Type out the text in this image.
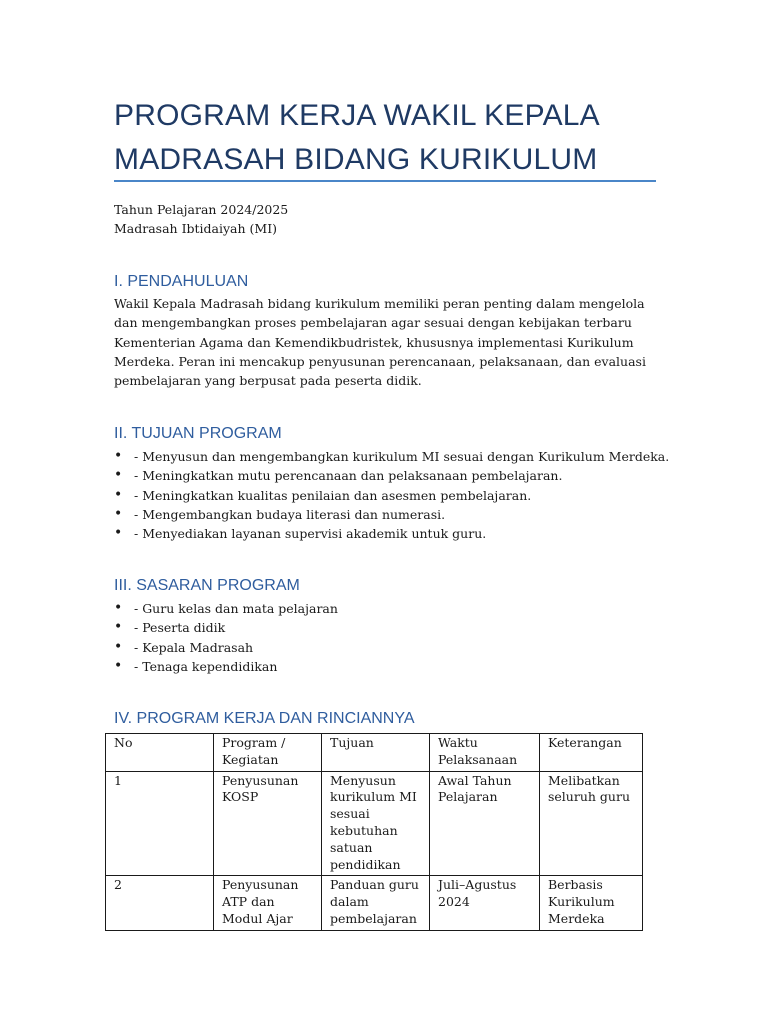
PROGRAM KERJA WAKIL KEPALA MADRASAH BIDANG KURIKULUM
Tahun Pelajaran 2024/2025
Madrasah Ibtidaiyah (MI)
I. PENDAHULUAN

Wakil Kepala Madrasah bidang kurikulum memiliki peran penting dalam mengelola dan mengembangkan proses pembelajaran agar sesuai dengan kebijakan terbaru Kementerian Agama dan Kemendikbudristek, khususnya implementasi Kurikulum Merdeka. Peran ini mencakup penyusunan perencanaan, pelaksanaan, dan evaluasi pembelajaran yang berpusat pada peserta didik.

II. TUJUAN PROGRAM
• - Menyusun dan mengembangkan kurikulum MI sesuai dengan Kurikulum Merdeka.
• - Meningkatkan mutu perencanaan dan pelaksanaan pembelajaran.
• - Meningkatkan kualitas penilaian dan asesmen pembelajaran.
• - Mengembangkan budaya literasi dan numerasi.
• - Menyediakan layanan supervisi akademik untuk guru.
III. SASARAN PROGRAM
• - Guru kelas dan mata pelajaran
• - Peserta didik
• - Kepala Madrasah
• - Tenaga kependidikan
IV. PROGRAM KERJA DAN RINCIANNYA
No	Program / Kegiatan	Tujuan	Waktu Pelaksanaan	Keterangan
1	Penyusunan KOSP	Menyusun kurikulum MI sesuai kebutuhan satuan pendidikan	Awal Tahun Pelajaran	Melibatkan seluruh guru
2	Penyusunan ATP dan Modul Ajar	Panduan guru dalam pembelajaran	Juli–Agustus 2024	Berbasis Kurikulum Merdeka
